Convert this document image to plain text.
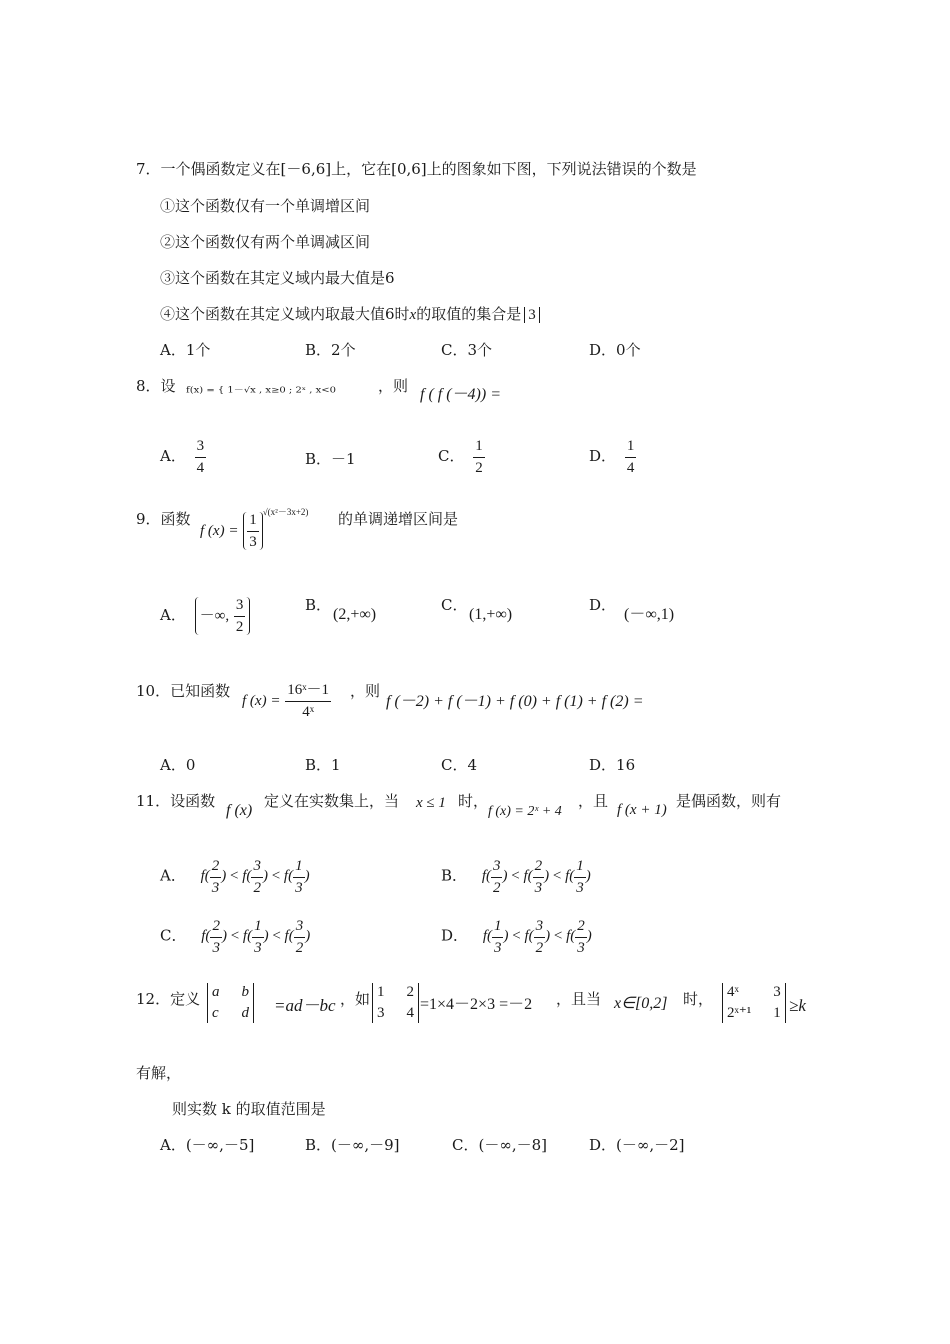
7．一个偶函数定义在[－6,6]上，它在[0,6]上的图象如下图，下列说法错误的个数是
①这个函数仅有一个单调增区间
②这个函数仅有两个单调减区间
③这个函数在其定义域内最大值是6
④这个函数在其定义域内取最大值6时x的取值的集合是 3
A．1个	B．2个	C．3个	D．0个
8．设 f(x) = { 1－√x , x≥0 ; 2ˣ , x<0	，则 f ( f (－4)) =
A． $\frac{3}{4}$	B．－1	C． $\frac{1}{2}$	D． $\frac{1}{4}$
9．函数
f $(x) = \frac{1}{3} ^{√(x^2-3x+2)}$ 的单调递增区间是
A． －∞, $\frac{3}{2}$	B．
(2,+∞)
C．
(1,+∞)
D．
(－∞,1)
10．已知函数
f $(x) = \frac{\text{16ˣ－1}}{\text{4ˣ}}$ ，则
f (－2) + f (－1) + f (0) + f (1) + f (2) =
A．0	B．1	C．4	D．16
11．设函数
f (x)
定义在实数集上，当 x ≤ 1 时，
f (x) = 2ˣ + 4
，且 f (x + 1) 是偶函数，则有
A． $f( \frac{2}{3}$ ) < $f( \frac{3}{2}$ ) < $f( \frac{1}{3}$ )	B． $f( \frac{3}{2}$ ) < $f( \frac{2}{3}$ ) < $f( \frac{1}{3}$ )
C． $f( \frac{2}{3}$ ) < $f( \frac{1}{3}$ ) < $f( \frac{3}{2}$ )	D． $f( \frac{1}{3}$ ) < $f( \frac{3}{2}$ ) < $f( \frac{2}{3}$ )
12．定义 a b
c d =ad－bc ，如 1 2
3 4 =1×4－2×3 =－2 ，且当 x∈[0,2] 时， 4ˣ	3
2ˣ⁺¹ 1 ≥k
有解，
则实数 k 的取值范围是
A．(－∞,－5]	B．(－∞,－9]	C．(－∞,－8]	D．(－∞,－2]
